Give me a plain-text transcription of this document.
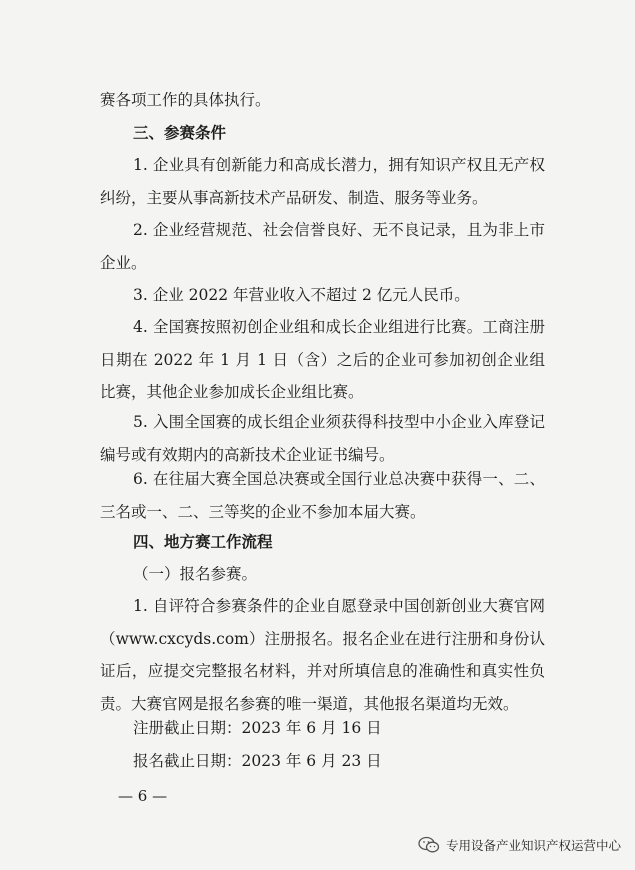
赛各项工作的具体执行。

三、参赛条件

1. 企业具有创新能力和高成长潜力，拥有知识产权且无产权纠纷，主要从事高新技术产品研发、制造、服务等业务。

2. 企业经营规范、社会信誉良好、无不良记录，且为非上市企业。

3. 企业 2022 年营业收入不超过 2 亿元人民币。

4. 全国赛按照初创企业组和成长企业组进行比赛。工商注册日期在 2022 年 1 月 1 日（含）之后的企业可参加初创企业组比赛，其他企业参加成长企业组比赛。

5. 入围全国赛的成长组企业须获得科技型中小企业入库登记编号或有效期内的高新技术企业证书编号。

6. 在往届大赛全国总决赛或全国行业总决赛中获得一、二、三名或一、二、三等奖的企业不参加本届大赛。

四、地方赛工作流程

（一）报名参赛。

1. 自评符合参赛条件的企业自愿登录中国创新创业大赛官网（www.cxcyds.com）注册报名。报名企业在进行注册和身份认证后，应提交完整报名材料，并对所填信息的准确性和真实性负责。大赛官网是报名参赛的唯一渠道，其他报名渠道均无效。

注册截止日期：2023 年 6 月 16 日

报名截止日期：2023 年 6 月 23 日

— 6 —
专用设备产业知识产权运营中心
